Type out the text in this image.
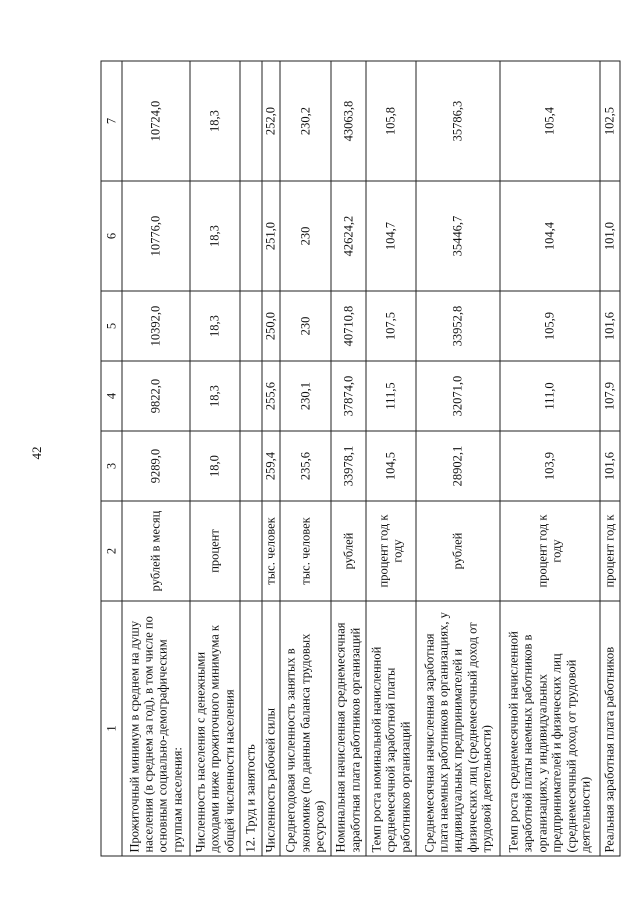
42
1	2	3	4	5	6	7
Прожиточный минимум в среднем на душу населения (в среднем за год), в том числе по основным социально-демографическим группам населения:	рублей в месяц	9289,0	9822,0	10392,0	10776,0	10724,0
Численность населения с денежными доходами ниже прожиточного минимума к общей численности населения	процент	18,0	18,3	18,3	18,3	18,3
12. Труд и занятость						
Численность рабочей силы	тыс. человек	259,4	255,6	250,0	251,0	252,0
Среднегодовая численность занятых в экономике (по данным баланса трудовых ресурсов)	тыс. человек	235,6	230,1	230	230	230,2
Номинальная начисленная среднемесячная заработная плата работников организаций	рублей	33978,1	37874,0	40710,8	42624,2	43063,8
Темп роста номинальной начисленной среднемесячной заработной платы работников организаций	процент год к году	104,5	111,5	107,5	104,7	105,8
Среднемесячная начисленная заработная плата наемных работников в организациях, у индивидуальных предпринимателей и физических лиц (среднемесячный доход от трудовой деятельности)	рублей	28902,1	32071,0	33952,8	35446,7	35786,3
Темп роста среднемесячной начисленной заработной платы наемных работников в организациях, у индивидуальных предпринимателей и физических лиц (среднемесячный доход от трудовой деятельности)	процент год к году	103,9	111,0	105,9	104,4	105,4
Реальная заработная плата работников	процент год к	101,6	107,9	101,6	101,0	102,5
